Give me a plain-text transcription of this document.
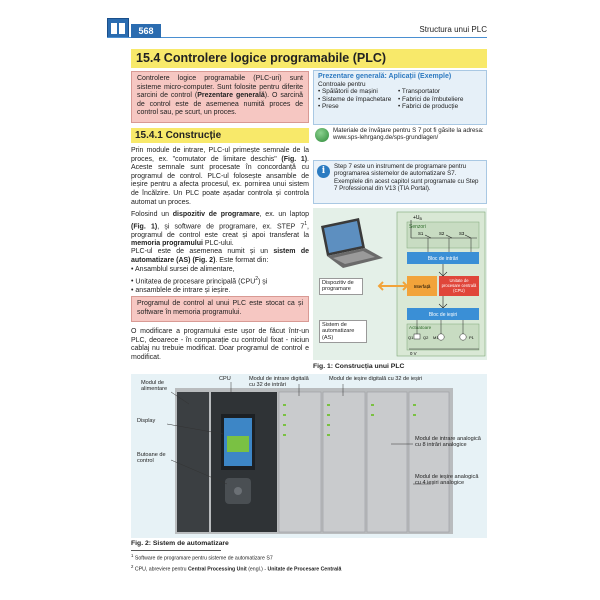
568	Structura unui PLC
15.4 Controlere logice programabile (PLC)
Controlere logice programabile (PLC-uri) sunt sisteme micro-computer. Sunt folosite pentru diferite sarcini de control (Prezentare generală). O sarcină de control este de asemenea numită proces de control sau, pe scurt, un proces.
Prezentare generală: Aplicații (Exemple)
Controale pentru
• Spălătorii de mașini
• Sisteme de împachetare
• Prese
• Transportator
• Fabrici de îmbuteliere
• Fabrici de producție
Materiale de învățare pentru S 7 pot fi găsite la adresa:
www.sps-lehrgang.de/sps-grundlagen/
15.4.1 Construcție
Prin module de intrare, PLC-ul primește semnale de la proces, ex. "comutator de limitare deschis" (Fig. 1). Aceste semnale sunt procesate în concordanță cu programul de control. PLC-ul folosește ansamble de ieșire pentru a afecta procesul, ex. pornirea unui sistem de încălzire. Un PLC poate așadar controla și controla automat un proces.
Folosind un dispozitiv de programare, ex. un laptop (Fig. 1), și software de programare, ex. STEP $7^1$, programul de control este creat și apoi transferat la memoria programului PLC-ului.
PLC-ul este de asemenea numit și un sistem de automatizare (AS) (Fig. 2). Este format din:
• Ansamblul sursei de alimentare,
• Unitatea de procesare principală (CPU$^2$) și
• ansamblele de intrare și ieșire.
Programul de control al unui PLC este stocat ca și software în memoria programului.
O modificare a programului este ușor de făcut într-un PLC, deoarece - în comparație cu controlul fixat - niciun cablaj nu trebuie modificat. Doar programul de control e modificat.
i	Step 7 este un instrument de programare pentru programarea sistemelor de automatizare S7. Exemplele din acest capitol sunt programate cu Step 7 Professional din V13 (TIA Portal).
$+U_B$
Senzori
S1	S2	S3
Bloc de intrări
Interfață
Unitate de procesare centrală (CPU)
Bloc de ieșiri
Actuatoare
Q1	M1
Q2	P1
0 V
Dispozitiv de programare
Sistem de automatizare (AS)
Fig. 1: Construcția unui PLC
Modul de alimentare
CPU	Modul de intrare digitală cu 32 de intrări
Modul de ieșire digitală cu 32 de ieșiri
Display
Butoane de control
Modul de intrare analogică cu 8 intrări analogice
Modul de ieșire analogică cu 4 ieșiri analogice
Fig. 2: Sistem de automatizare
$^1$ Software de programare pentru sisteme de automatizare S7
$^2$ CPU, abreviere pentru Central Processing Unit (engl.) - Unitate de Procesare Centrală
